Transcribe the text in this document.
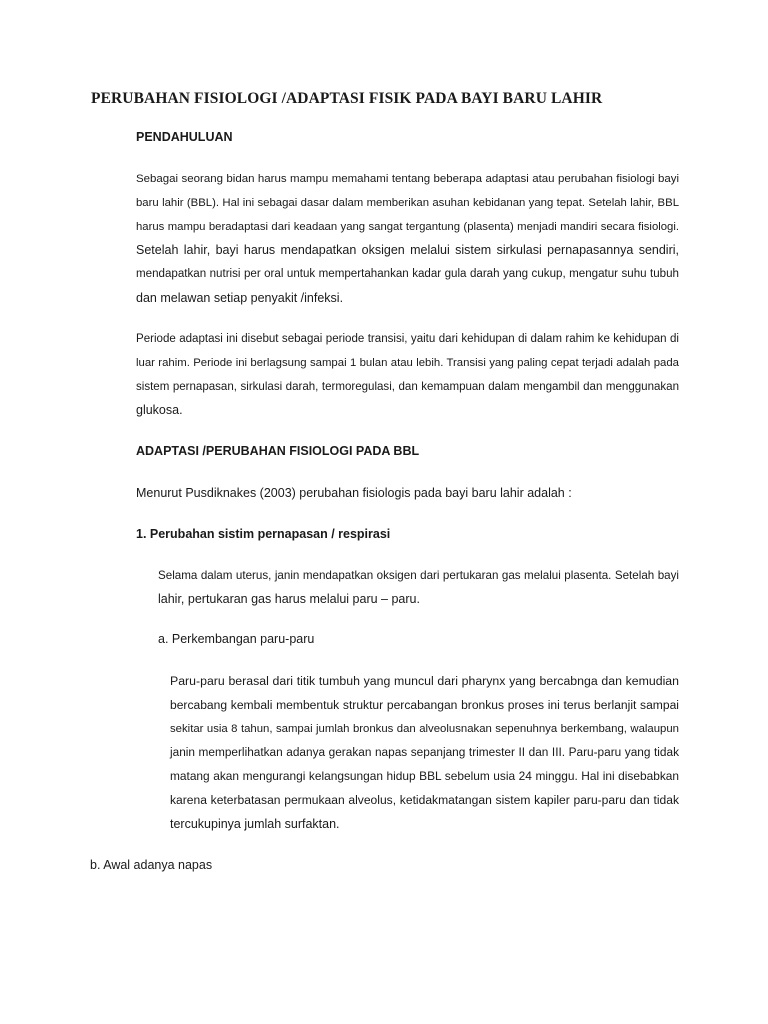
PERUBAHAN FISIOLOGI /ADAPTASI FISIK PADA BAYI BARU LAHIR
PENDAHULUAN
Sebagai seorang bidan harus mampu memahami tentang beberapa adaptasi atau perubahan fisiologi bayi
baru lahir (BBL). Hal ini sebagai dasar dalam memberikan asuhan kebidanan yang tepat. Setelah lahir, BBL
harus mampu beradaptasi dari keadaan yang sangat tergantung (plasenta) menjadi mandiri secara fisiologi.
Setelah lahir, bayi harus mendapatkan oksigen melalui sistem sirkulasi pernapasannya sendiri,
mendapatkan nutrisi per oral untuk mempertahankan kadar gula darah yang cukup, mengatur suhu tubuh
dan melawan setiap penyakit /infeksi.
Periode adaptasi ini disebut sebagai periode transisi, yaitu dari kehidupan di dalam rahim ke kehidupan di
luar rahim. Periode ini berlagsung sampai 1 bulan atau lebih. Transisi yang paling cepat terjadi adalah pada
sistem pernapasan, sirkulasi darah, termoregulasi, dan kemampuan dalam mengambil dan menggunakan
glukosa.
ADAPTASI /PERUBAHAN FISIOLOGI PADA BBL
Menurut Pusdiknakes (2003) perubahan fisiologis pada bayi baru lahir adalah :
1. Perubahan sistim pernapasan / respirasi
Selama dalam uterus, janin mendapatkan oksigen dari pertukaran gas melalui plasenta. Setelah bayi
lahir, pertukaran gas harus melalui paru – paru.
a. Perkembangan paru-paru
Paru-paru berasal dari titik tumbuh yang muncul dari pharynx yang bercabnga dan kemudian
bercabang kembali membentuk struktur percabangan bronkus proses ini terus berlanjit sampai
sekitar usia 8 tahun, sampai jumlah bronkus dan alveolusnakan sepenuhnya berkembang, walaupun
janin memperlihatkan adanya gerakan napas sepanjang trimester II dan III. Paru-paru yang tidak
matang akan mengurangi kelangsungan hidup BBL sebelum usia 24 minggu. Hal ini disebabkan
karena keterbatasan permukaan alveolus, ketidakmatangan sistem kapiler paru-paru dan tidak
tercukupinya jumlah surfaktan.
b. Awal adanya napas
